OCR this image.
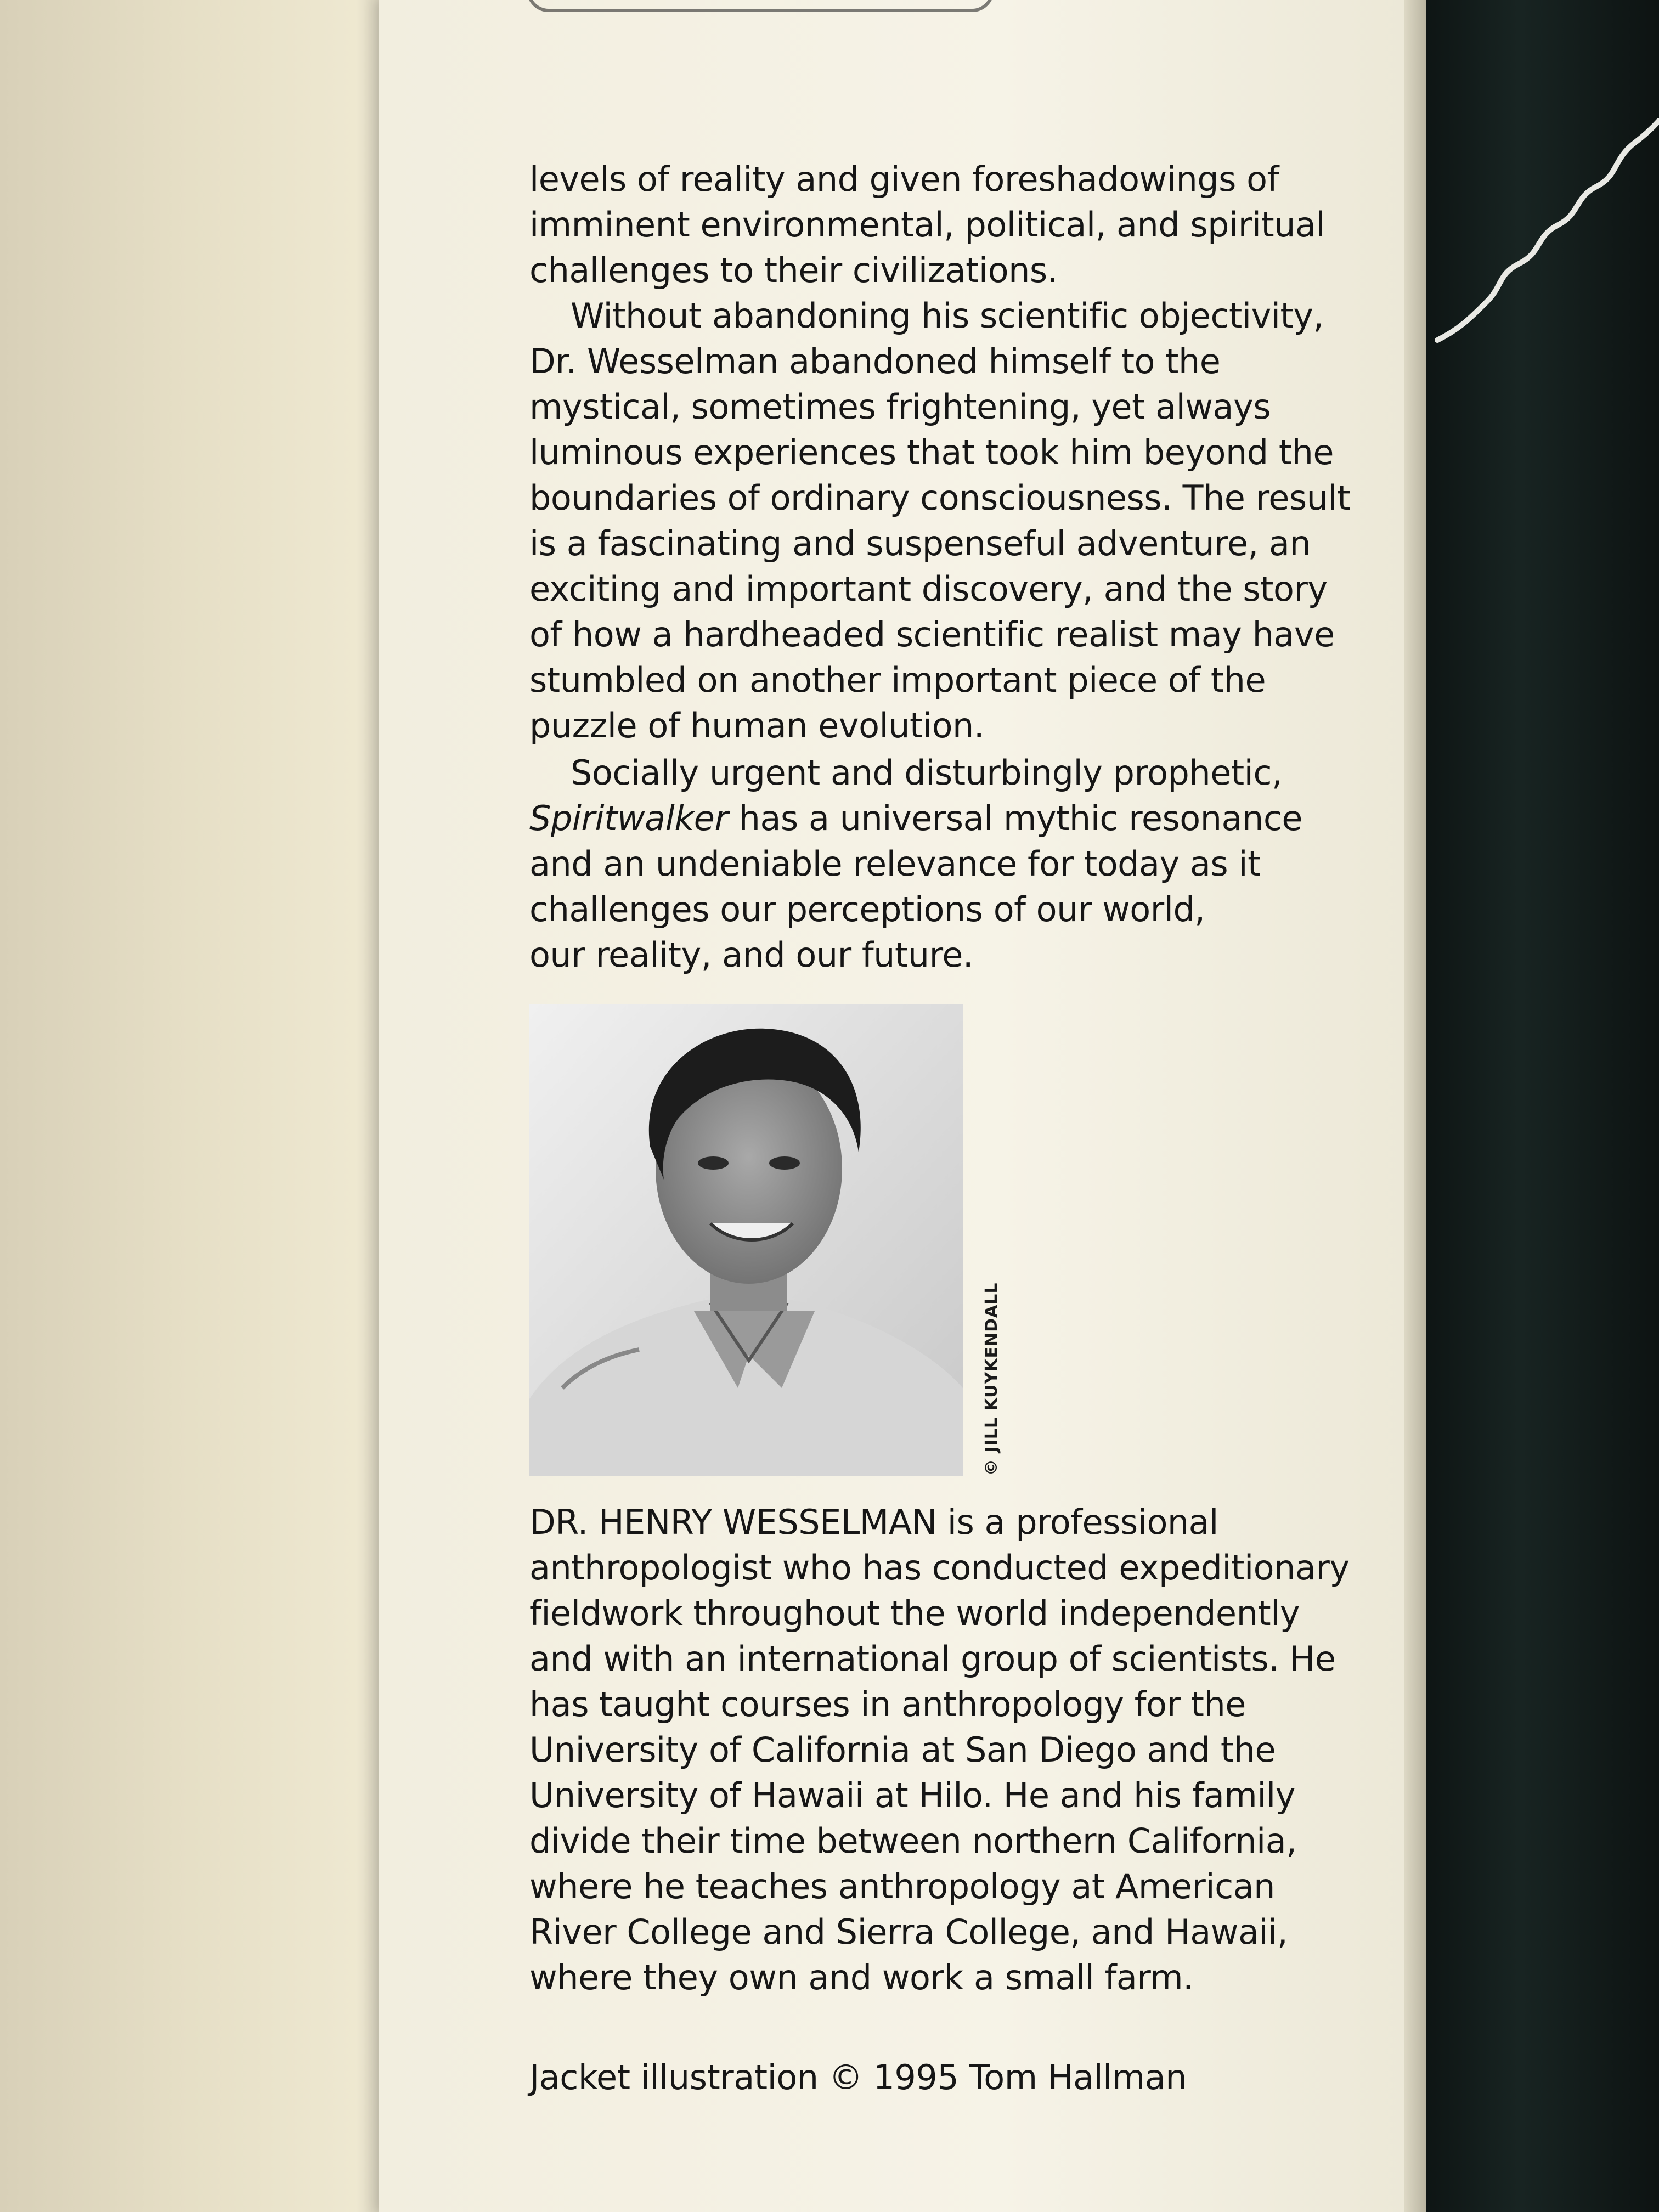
levels of reality and given foreshadowings of
imminent environmental, political, and spiritual
challenges to their civilizations.
Without abandoning his scientific objectivity,
Dr. Wesselman abandoned himself to the
mystical, sometimes frightening, yet always
luminous experiences that took him beyond the
boundaries of ordinary consciousness. The result
is a fascinating and suspenseful adventure, an
exciting and important discovery, and the story
of how a hardheaded scientific realist may have
stumbled on another important piece of the
puzzle of human evolution.
Socially urgent and disturbingly prophetic,
Spiritwalker has a universal mythic resonance
and an undeniable relevance for today as it
challenges our perceptions of our world,
our reality, and our future.
© JILL KUYKENDALL
DR. HENRY WESSELMAN is a professional
anthropologist who has conducted expeditionary
fieldwork throughout the world independently
and with an international group of scientists. He
has taught courses in anthropology for the
University of California at San Diego and the
University of Hawaii at Hilo. He and his family
divide their time between northern California,
where he teaches anthropology at American
River College and Sierra College, and Hawaii,
where they own and work a small farm.
Jacket illustration © 1995 Tom Hallman
